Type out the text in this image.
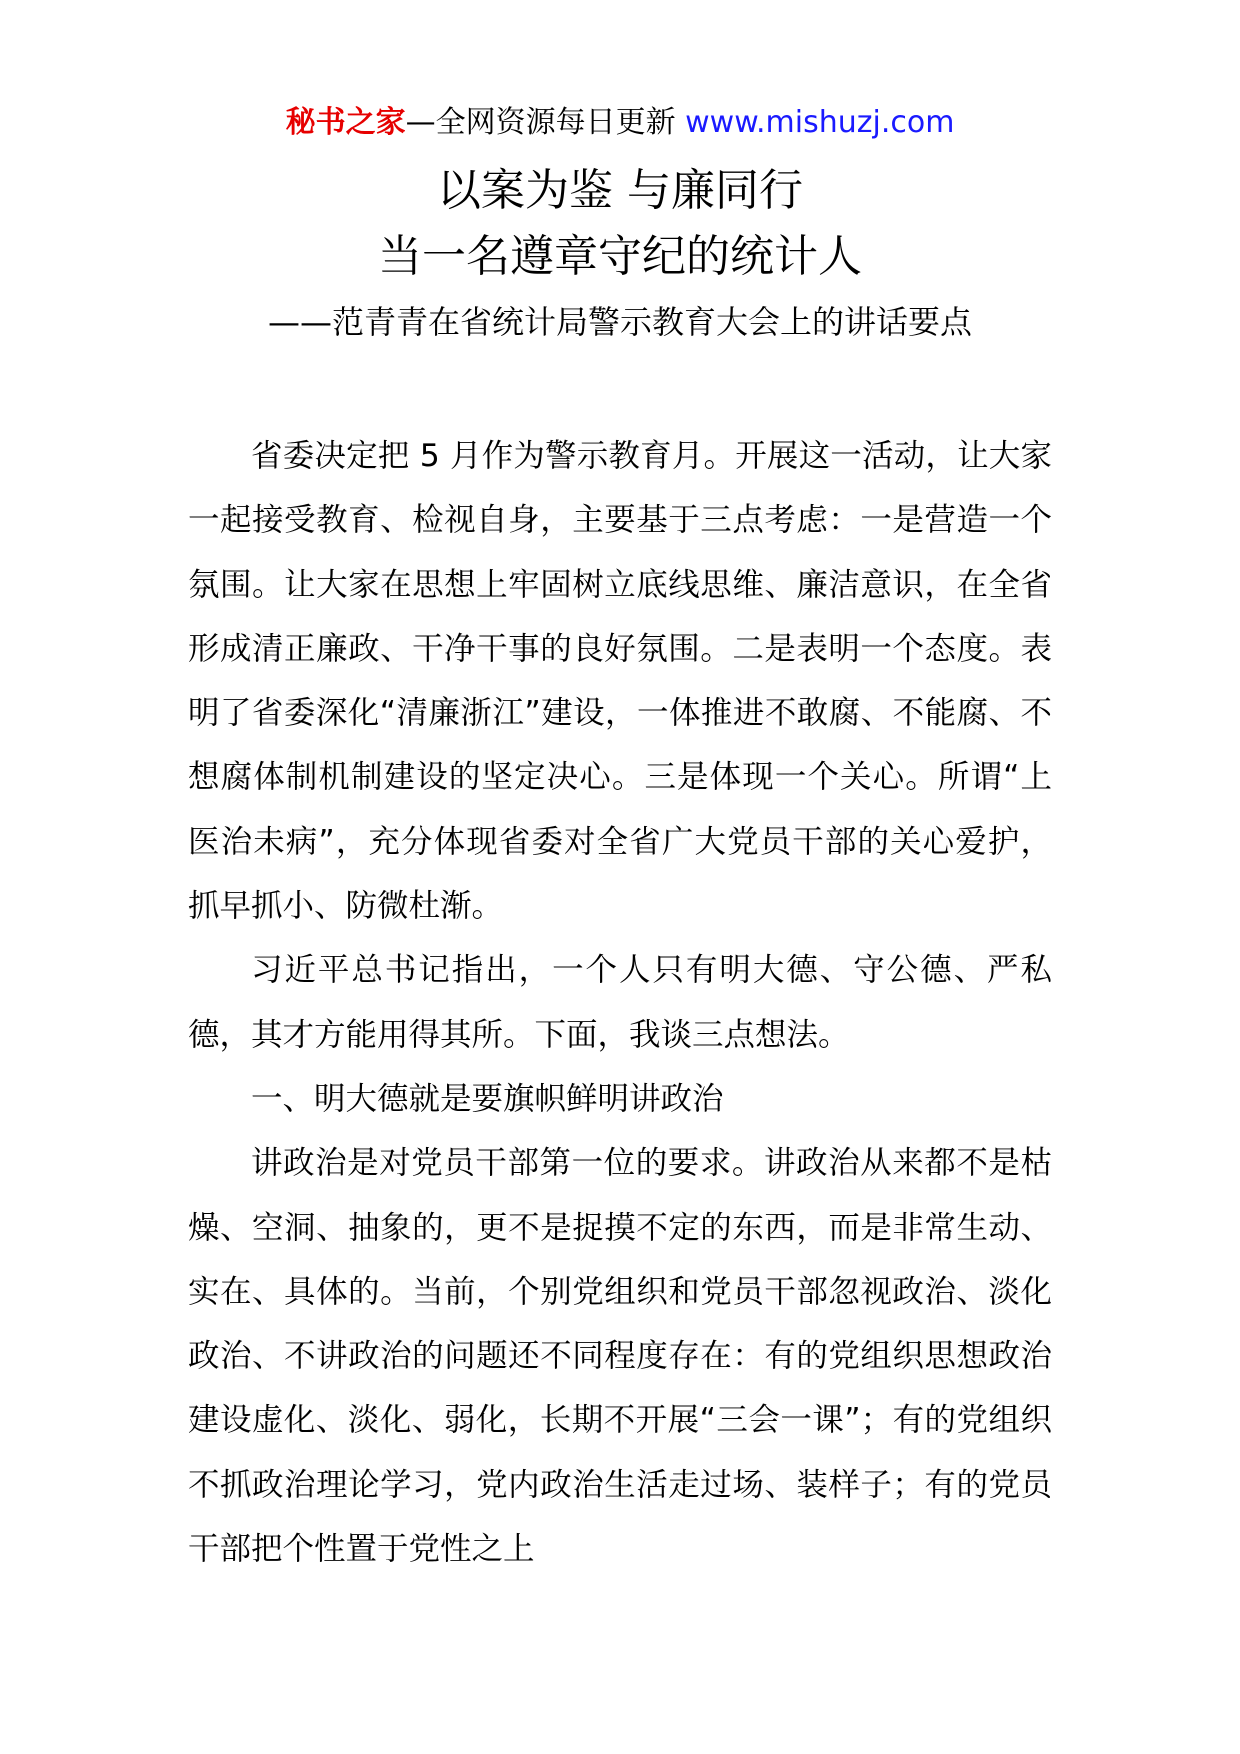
秘书之家—全网资源每日更新 www.mishuzj.com
以案为鉴 与廉同行
当一名遵章守纪的统计人
——范青青在省统计局警示教育大会上的讲话要点

省委决定把 5 月作为警示教育月。开展这一活动，让大家一起接受教育、检视自身，主要基于三点考虑：一是营造一个氛围。让大家在思想上牢固树立底线思维、廉洁意识，在全省形成清正廉政、干净干事的良好氛围。二是表明一个态度。表明了省委深化“清廉浙江”建设，一体推进不敢腐、不能腐、不想腐体制机制建设的坚定决心。三是体现一个关心。所谓“上医治未病”，充分体现省委对全省广大党员干部的关心爱护，抓早抓小、防微杜渐。

习近平总书记指出，一个人只有明大德、守公德、严私德，其才方能用得其所。下面，我谈三点想法。

一、明大德就是要旗帜鲜明讲政治

讲政治是对党员干部第一位的要求。讲政治从来都不是枯燥、空洞、抽象的，更不是捉摸不定的东西，而是非常生动、实在、具体的。当前，个别党组织和党员干部忽视政治、淡化政治、不讲政治的问题还不同程度存在：有的党组织思想政治建设虚化、淡化、弱化，长期不开展“三会一课”；有的党组织不抓政治理论学习，党内政治生活走过场、装样子；有的党员干部把个性置于党性之上
